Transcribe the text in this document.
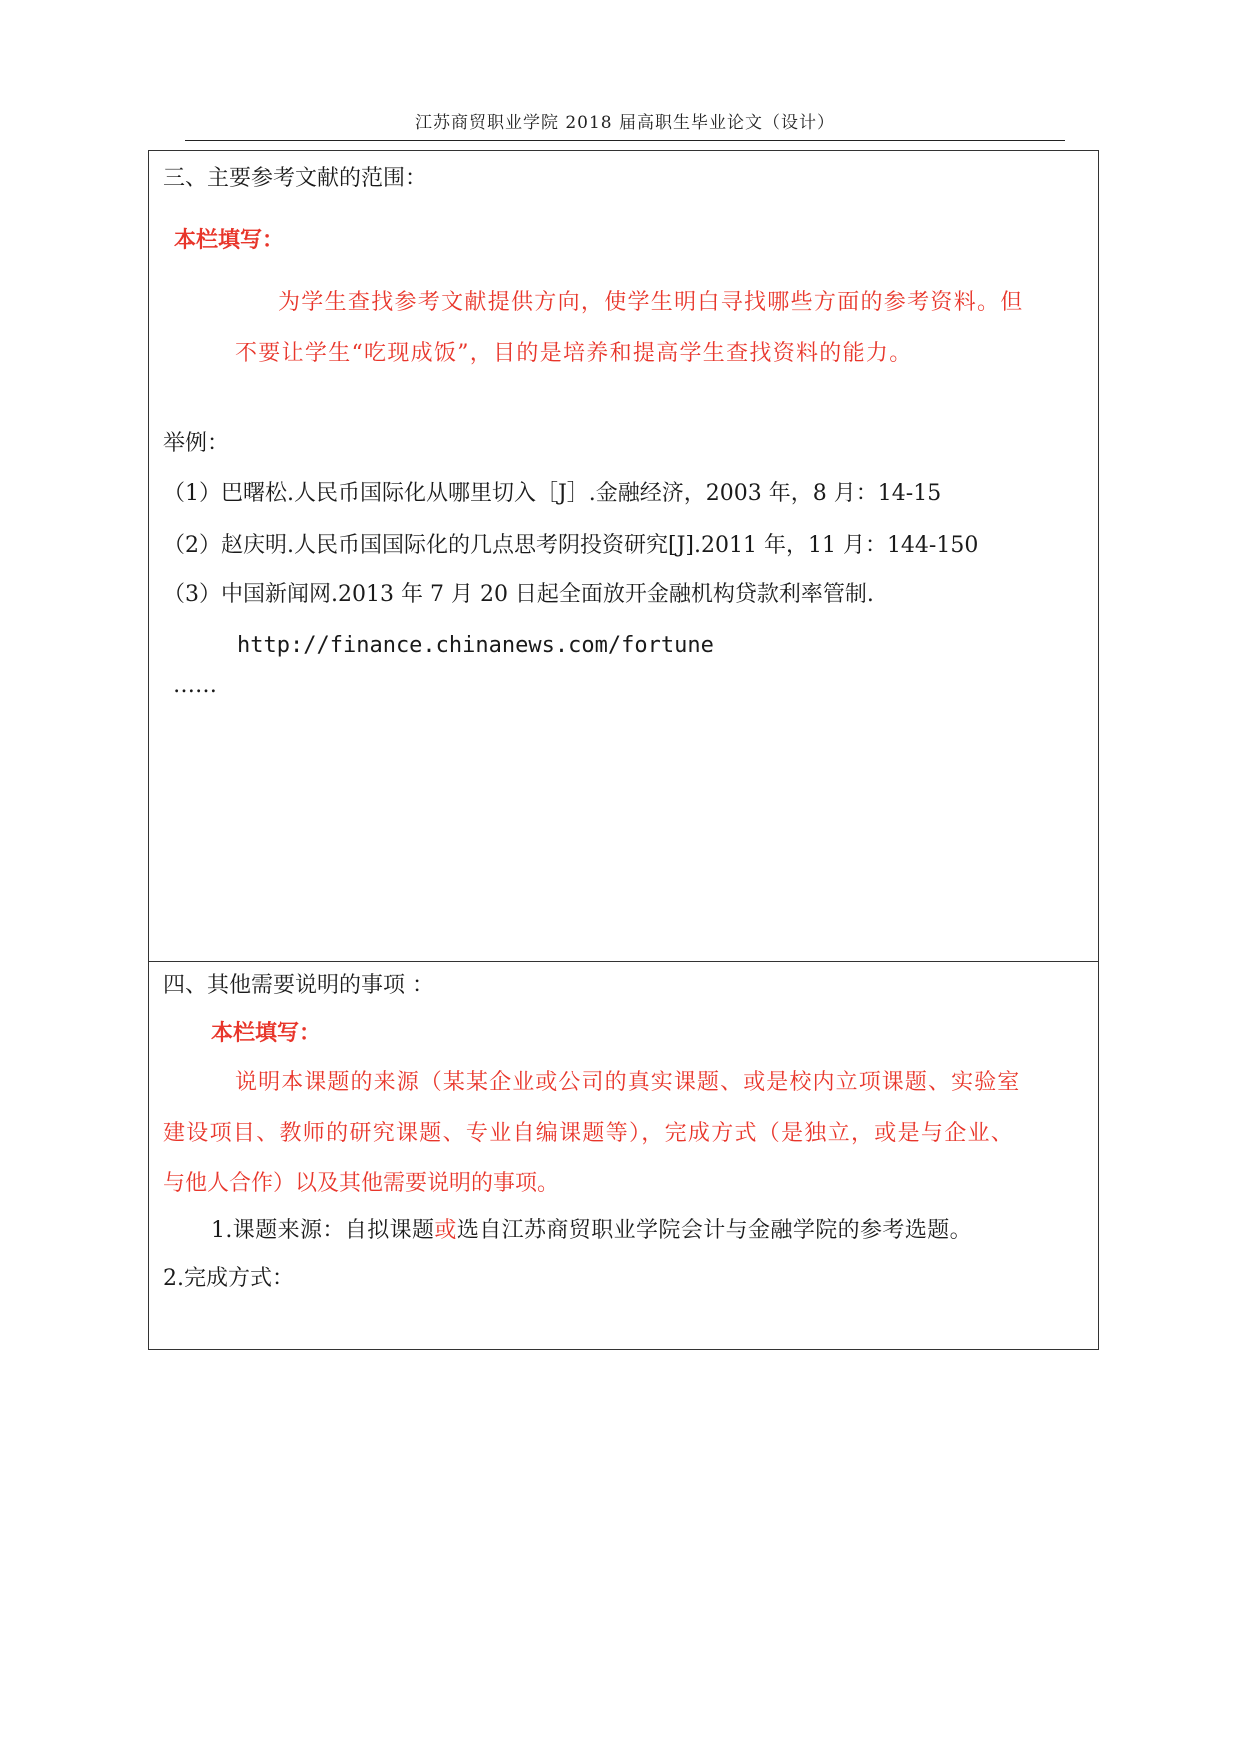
江苏商贸职业学院 2018 届高职生毕业论文（设计）
三、主要参考文献的范围：
本栏填写：
为学生查找参考文献提供方向，使学生明白寻找哪些方面的参考资料。但
不要让学生“吃现成饭”，目的是培养和提高学生查找资料的能力。
举例：
（1）巴曙松.人民币国际化从哪里切入［J］.金融经济，2003 年，8 月：14-15
（2）赵庆明.人民币国国际化的几点思考阴投资研究[J].2011 年，11 月：144-150
（3）中国新闻网.2013 年 7 月 20 日起全面放开金融机构贷款利率管制.
http://finance.chinanews.com/fortune
……
四、其他需要说明的事项 ：
本栏填写：
说明本课题的来源（某某企业或公司的真实课题、或是校内立项课题、实验室
建设项目、教师的研究课题、专业自编课题等），完成方式（是独立，或是与企业、
与他人合作）以及其他需要说明的事项。
1.课题来源：自拟课题或选自江苏商贸职业学院会计与金融学院的参考选题。
2.完成方式：
